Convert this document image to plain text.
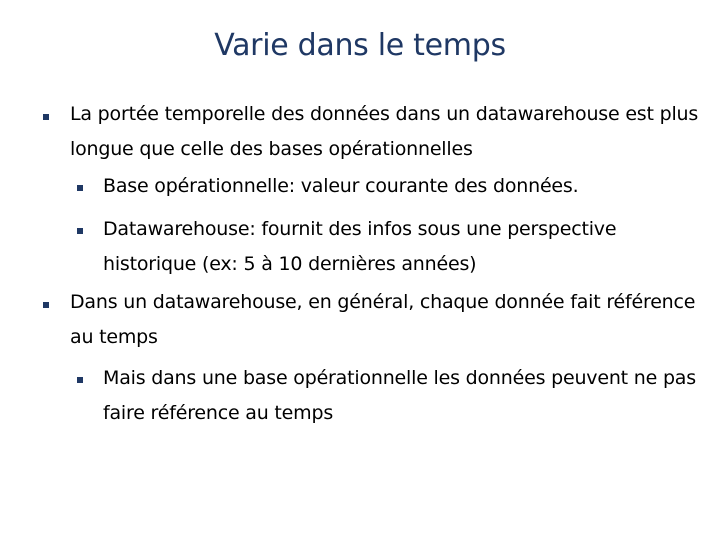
Varie dans le temps
La portée temporelle des données dans un datawarehouse est plus longue que celle des bases opérationnelles
Base opérationnelle: valeur courante des données.
Datawarehouse: fournit des infos sous une perspective historique (ex: 5 à 10 dernières années)
Dans un datawarehouse, en général, chaque donnée fait référence au temps
Mais dans une base opérationnelle les données peuvent ne pas faire référence au temps
